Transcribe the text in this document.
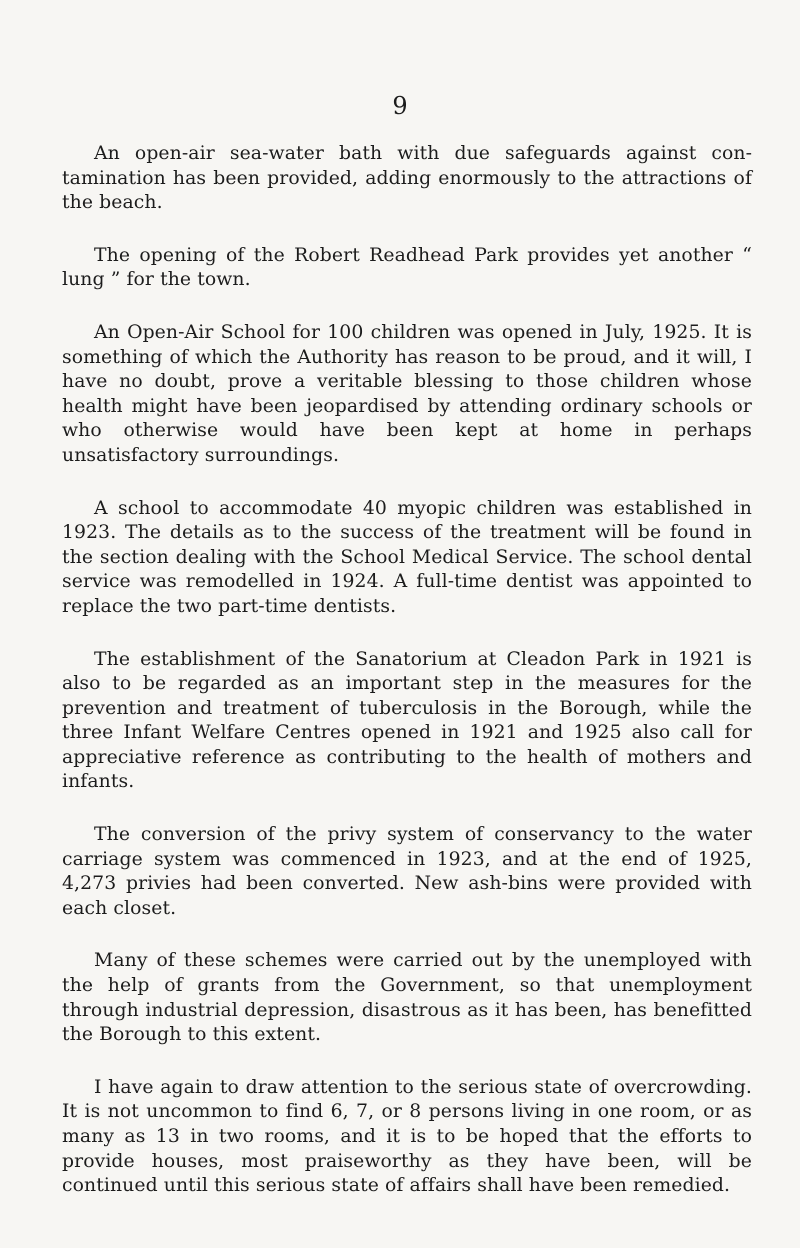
9

An open-air sea-water bath with due safeguards against contamination has been provided, adding enormously to the attractions of the beach.

The opening of the Robert Readhead Park provides yet another “ lung ” for the town.

An Open-Air School for 100 children was opened in July, 1925. It is something of which the Authority has reason to be proud, and it will, I have no doubt, prove a veritable blessing to those children whose health might have been jeopardised by attending ordinary schools or who otherwise would have been kept at home in perhaps unsatisfactory surroundings.

A school to accommodate 40 myopic children was established in 1923. The details as to the success of the treatment will be found in the section dealing with the School Medical Service. The school dental service was remodelled in 1924. A full-time dentist was appointed to replace the two part-time dentists.

The establishment of the Sanatorium at Cleadon Park in 1921 is also to be regarded as an important step in the measures for the prevention and treatment of tuberculosis in the Borough, while the three Infant Welfare Centres opened in 1921 and 1925 also call for appreciative reference as contributing to the health of mothers and infants.

The conversion of the privy system of conservancy to the water carriage system was commenced in 1923, and at the end of 1925, 4,273 privies had been converted. New ash-bins were provided with each closet.

Many of these schemes were carried out by the unemployed with the help of grants from the Government, so that unemployment through industrial depression, disastrous as it has been, has benefitted the Borough to this extent.

I have again to draw attention to the serious state of overcrowding. It is not uncommon to find 6, 7, or 8 persons living in one room, or as many as 13 in two rooms, and it is to be hoped that the efforts to provide houses, most praiseworthy as they have been, will be continued until this serious state of affairs shall have been remedied.
